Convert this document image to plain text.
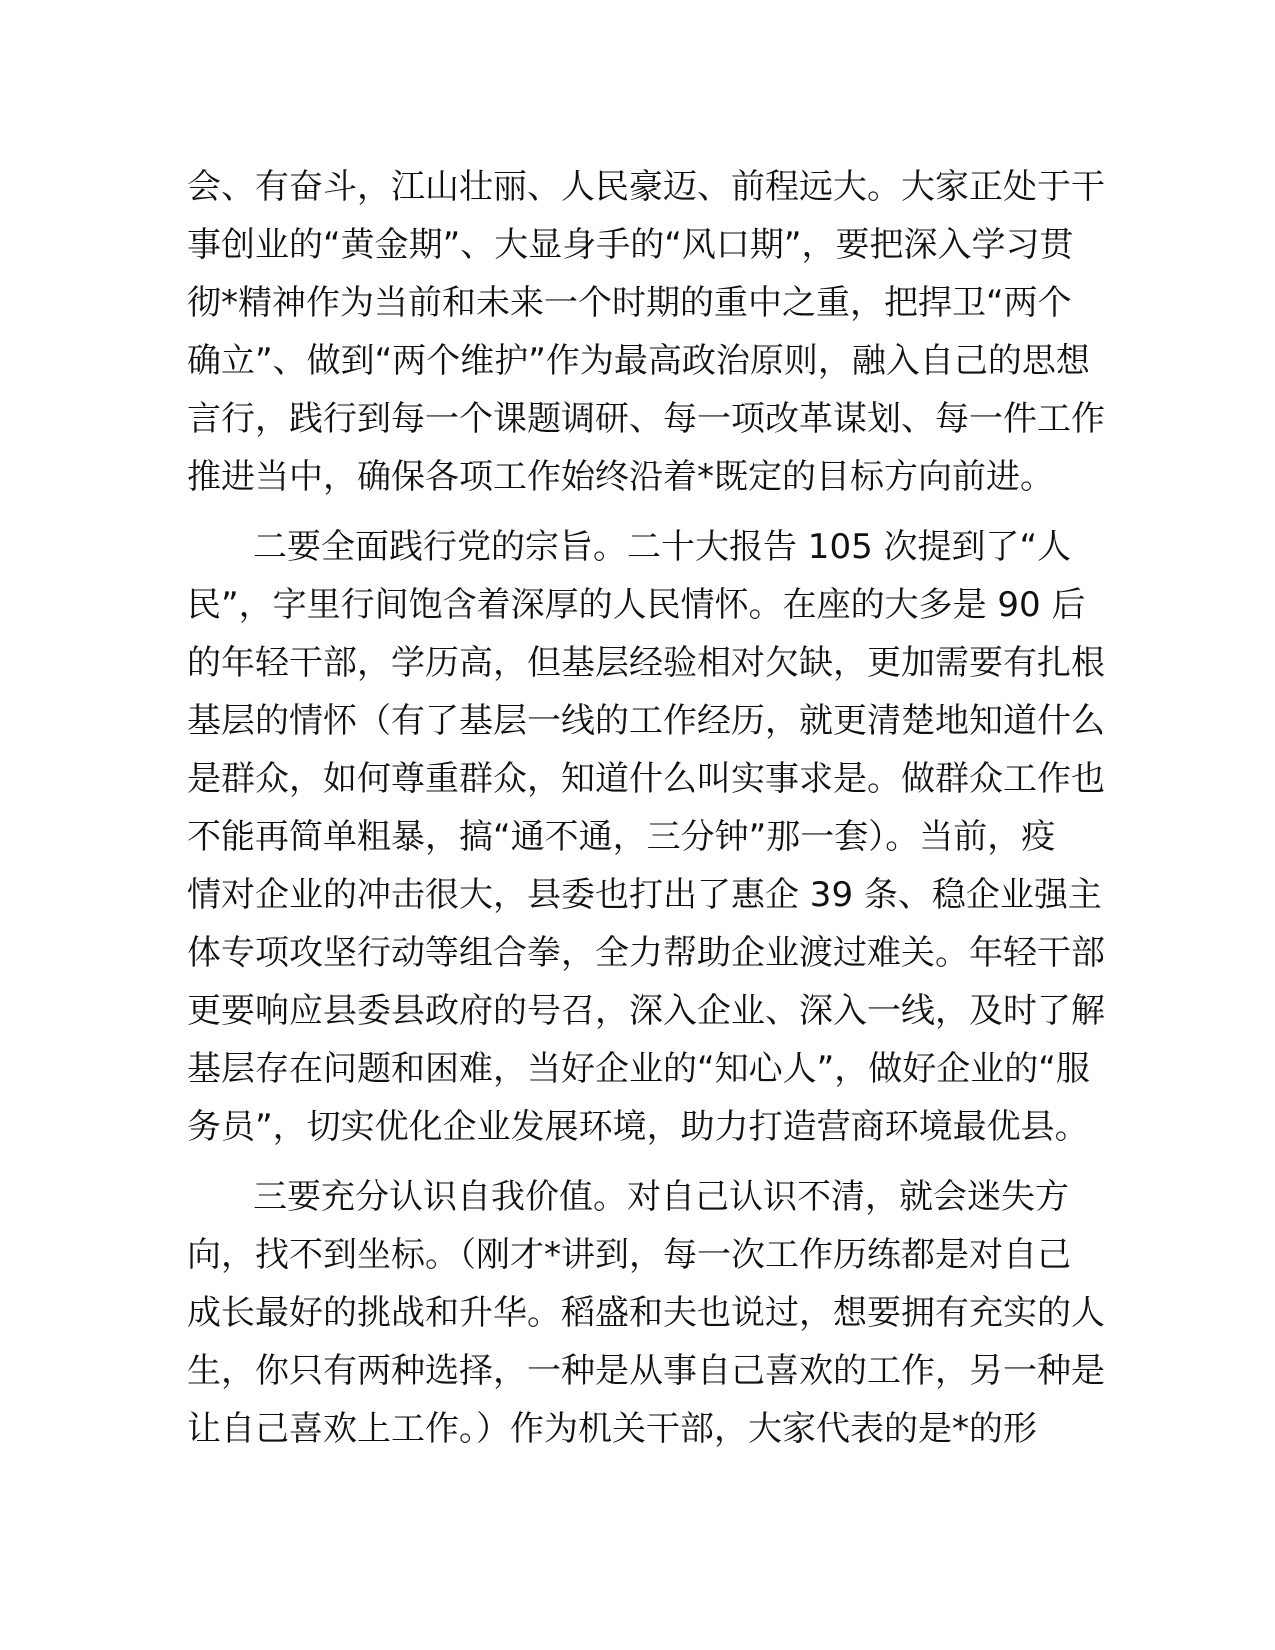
会、有奋斗，江山壮丽、人民豪迈、前程远大。大家正处于干
事创业的“黄金期”、大显身手的“风口期”，要把深入学习贯
彻*精神作为当前和未来一个时期的重中之重，把捍卫“两个
确立”、做到“两个维护”作为最高政治原则，融入自己的思想
言行，践行到每一个课题调研、每一项改革谋划、每一件工作
推进当中，确保各项工作始终沿着*既定的目标方向前进。
二要全面践行党的宗旨。二十大报告 105 次提到了“人
民”，字里行间饱含着深厚的人民情怀。在座的大多是 90 后
的年轻干部，学历高，但基层经验相对欠缺，更加需要有扎根
基层的情怀（有了基层一线的工作经历，就更清楚地知道什么
是群众，如何尊重群众，知道什么叫实事求是。做群众工作也
不能再简单粗暴，搞“通不通，三分钟”那一套）。当前，疫
情对企业的冲击很大，县委也打出了惠企 39 条、稳企业强主
体专项攻坚行动等组合拳，全力帮助企业渡过难关。年轻干部
更要响应县委县政府的号召，深入企业、深入一线，及时了解
基层存在问题和困难，当好企业的“知心人”，做好企业的“服
务员”，切实优化企业发展环境，助力打造营商环境最优县。
三要充分认识自我价值。对自己认识不清，就会迷失方
向，找不到坐标。（刚才*讲到，每一次工作历练都是对自己
成长最好的挑战和升华。稻盛和夫也说过，想要拥有充实的人
生，你只有两种选择，一种是从事自己喜欢的工作，另一种是
让自己喜欢上工作。）作为机关干部，大家代表的是*的形
